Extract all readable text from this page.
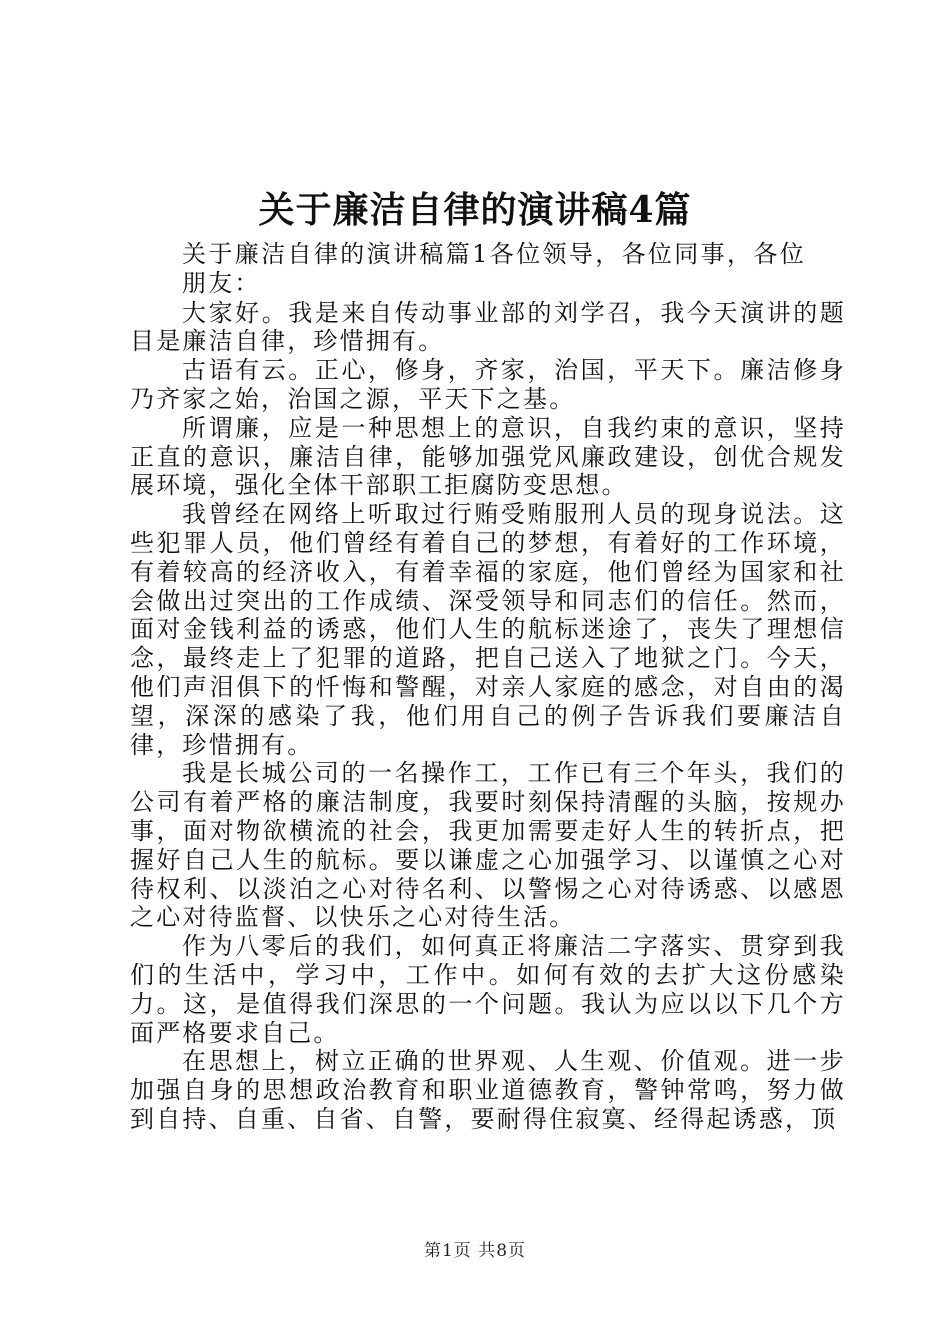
关于廉洁自律的演讲稿4篇

关于廉洁自律的演讲稿篇1各位领导，各位同事，各位朋友：

大家好。我是来自传动事业部的刘学召，我今天演讲的题目是廉洁自律，珍惜拥有。

古语有云。正心，修身，齐家，治国，平天下。廉洁修身乃齐家之始，治国之源，平天下之基。

所谓廉，应是一种思想上的意识，自我约束的意识，坚持正直的意识，廉洁自律，能够加强党风廉政建设，创优合规发展环境，强化全体干部职工拒腐防变思想。

我曾经在网络上听取过行贿受贿服刑人员的现身说法。这些犯罪人员，他们曾经有着自己的梦想，有着好的工作环境，有着较高的经济收入，有着幸福的家庭，他们曾经为国家和社会做出过突出的工作成绩、深受领导和同志们的信任。然而，面对金钱利益的诱惑，他们人生的航标迷途了，丧失了理想信念，最终走上了犯罪的道路，把自己送入了地狱之门。今天，他们声泪俱下的忏悔和警醒，对亲人家庭的感念，对自由的渴望，深深的感染了我，他们用自己的例子告诉我们要廉洁自律，珍惜拥有。

我是长城公司的一名操作工，工作已有三个年头，我们的公司有着严格的廉洁制度，我要时刻保持清醒的头脑，按规办事，面对物欲横流的社会，我更加需要走好人生的转折点，把握好自己人生的航标。要以谦虚之心加强学习、以谨慎之心对待权利、以淡泊之心对待名利、以警惕之心对待诱惑、以感恩之心对待监督、以快乐之心对待生活。

作为八零后的我们，如何真正将廉洁二字落实、贯穿到我们的生活中，学习中，工作中。如何有效的去扩大这份感染力。这，是值得我们深思的一个问题。我认为应以以下几个方面严格要求自己。

在思想上，树立正确的世界观、人生观、价值观。进一步加强自身的思想政治教育和职业道德教育，警钟常鸣，努力做到自持、自重、自省、自警，要耐得住寂寞、经得起诱惑，顶

第1页 共8页
